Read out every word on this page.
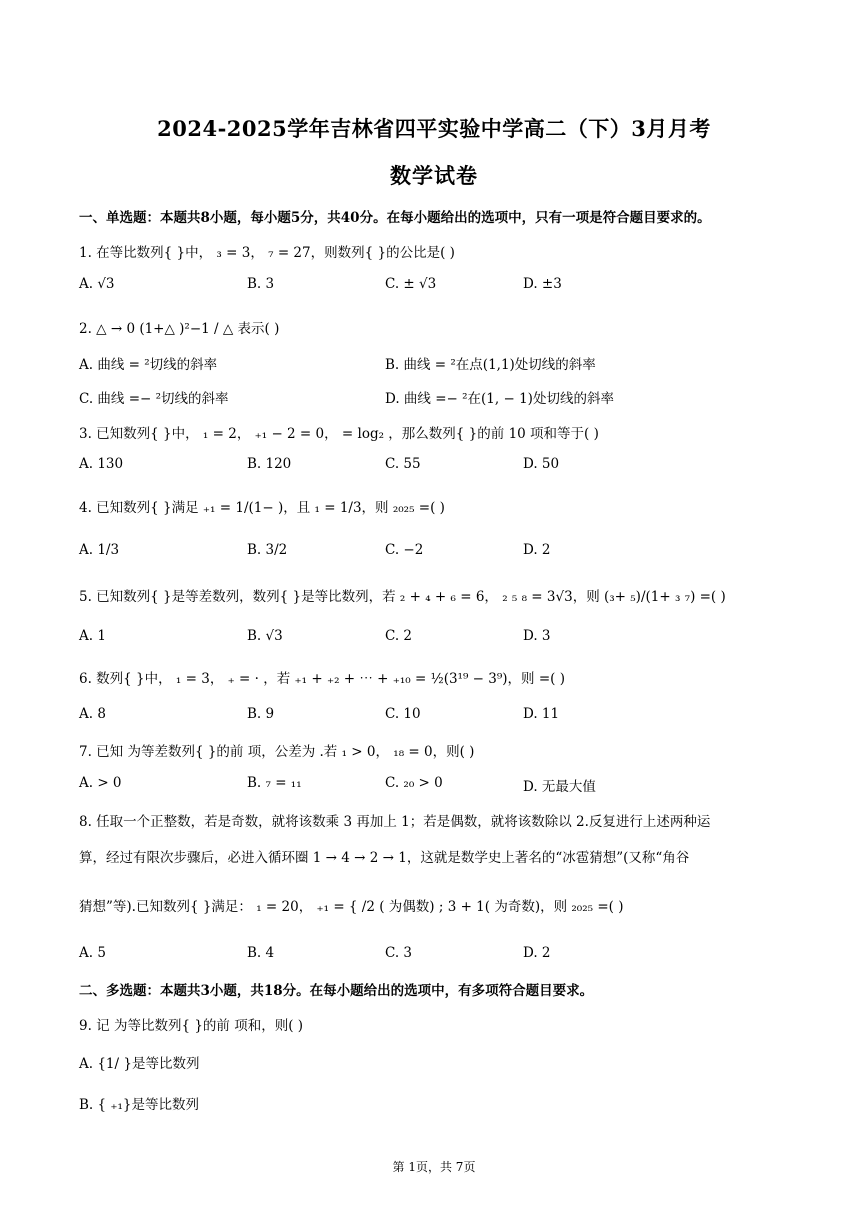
2024-2025学年吉林省四平实验中学高二（下）3月月考
数学试卷
一、单选题：本题共8小题，每小题5分，共40分。在每小题给出的选项中，只有一项是符合题目要求的。
1. 在等比数列{ }中， ₃ = 3， ₇ = 27，则数列{ }的公比是( )
A. √3	B. 3	C. ± √3	D. ±3
2. △ → 0 (1+△ )²−1 / △ 表示( )
A. 曲线 = ²切线的斜率	B. 曲线 = ²在点(1,1)处切线的斜率
C. 曲线 =− ²切线的斜率	D. 曲线 =− ²在(1, − 1)处切线的斜率
3. 已知数列{ }中， ₁ = 2， ₊₁ − 2 = 0， = log₂ ，那么数列{ }的前 10 项和等于( )
A. 130	B. 120	C. 55	D. 50
4. 已知数列{ }满足 ₊₁ = 1/(1− )，且 ₁ = 1/3，则 ₂₀₂₅ =( )
A. 1/3	B. 3/2	C. −2	D. 2
5. 已知数列{ }是等差数列，数列{ }是等比数列，若 ₂ + ₄ + ₆ = 6， ₂ ₅ ₈ = 3√3，则 (₃+ ₅)/(1+ ₃ ₇) =( )
A. 1	B. √3	C. 2	D. 3
6. 数列{ }中， ₁ = 3， ₊ = · ，若 ₊₁ + ₊₂ + ⋯ + ₊₁₀ = ½(3¹⁹ − 3⁹)，则 =( )
A. 8	B. 9	C. 10	D. 11
7. 已知 为等差数列{ }的前 项，公差为 .若 ₁ > 0， ₁₈ = 0，则( )
A. > 0	B. ₇ = ₁₁	C. ₂₀ > 0	D. 无最大值
8. 任取一个正整数，若是奇数，就将该数乘 3 再加上 1；若是偶数，就将该数除以 2.反复进行上述两种运
算，经过有限次步骤后，必进入循环圈 1 → 4 → 2 → 1，这就是数学史上著名的“冰雹猜想”(又称“角谷
猜想”等).已知数列{ }满足： ₁ = 20， ₊₁ = { /2 ( 为偶数) ; 3 + 1( 为奇数)，则 ₂₀₂₅ =( )
A. 5	B. 4	C. 3	D. 2
二、多选题：本题共3小题，共18分。在每小题给出的选项中，有多项符合题目要求。
9. 记 为等比数列{ }的前 项和，则( )
A. {1/ }是等比数列
B. { ₊₁}是等比数列
第 1页，共 7页
